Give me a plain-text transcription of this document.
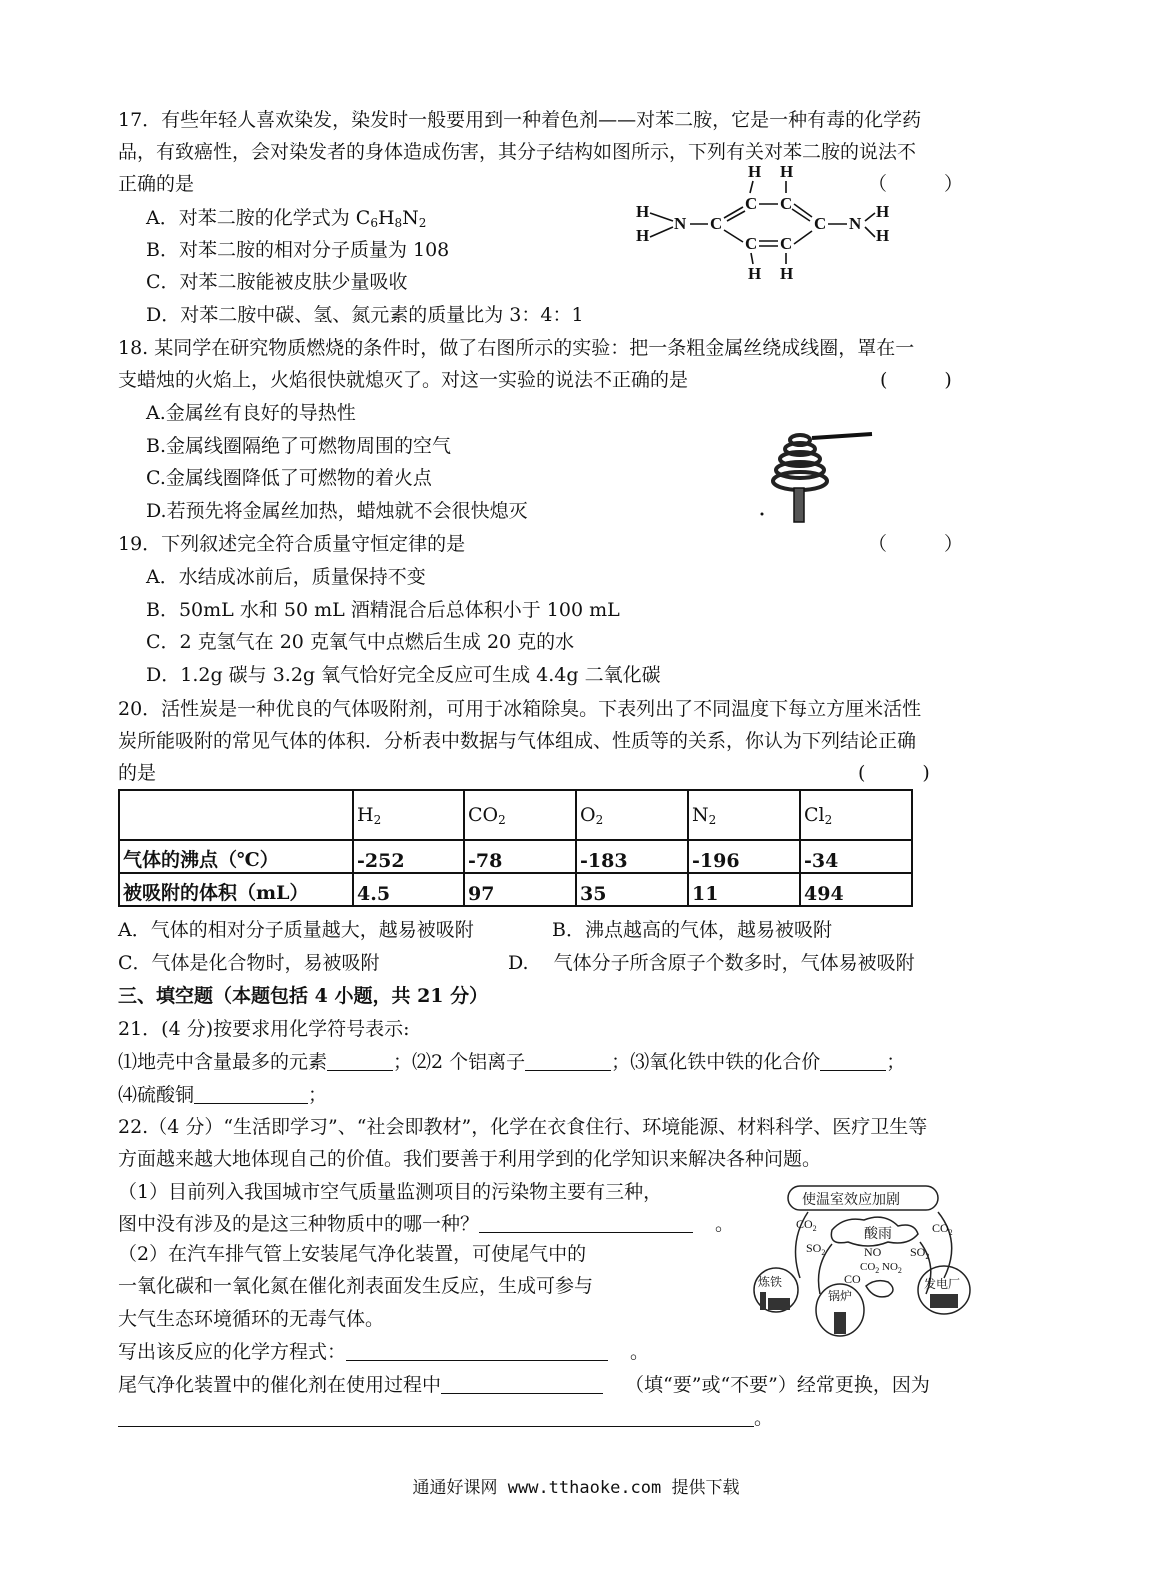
17．有些年轻人喜欢染发，染发时一般要用到一种着色剂——对苯二胺，它是一种有毒的化学药
品，有致癌性，会对染发者的身体造成伤害，其分子结构如图所示，下列有关对苯二胺的说法不
正确的是	（　　　）
A．对苯二胺的化学式为 $C_6H_8N_2$
B．对苯二胺的相对分子质量为 108
C．对苯二胺能被皮肤少量吸收
D．对苯二胺中碳、氢、氮元素的质量比为 3：4：1
H H
H
H
N C
C C
C
C C
N
H
H
H H
18. 某同学在研究物质燃烧的条件时，做了右图所示的实验：把一条粗金属丝绕成线圈，罩在一
支蜡烛的火焰上，火焰很快就熄灭了。对这一实验的说法不正确的是	(　　　)
A.金属丝有良好的导热性
B.金属线圈隔绝了可燃物周围的空气
C.金属线圈降低了可燃物的着火点
D.若预先将金属丝加热，蜡烛就不会很快熄灭
19．下列叙述完全符合质量守恒定律的是	（　　　）
A．水结成冰前后，质量保持不变
B．50mL 水和 50 mL 酒精混合后总体积小于 100 mL
C．2 克氢气在 20 克氧气中点燃后生成 20 克的水
D．1.2g 碳与 3.2g 氧气恰好完全反应可生成 4.4g 二氧化碳
20．活性炭是一种优良的气体吸附剂，可用于冰箱除臭。下表列出了不同温度下每立方厘米活性
炭所能吸附的常见气体的体积．分析表中数据与气体组成、性质等的关系，你认为下列结论正确
的是	(　　　)
	$H_2$	$CO_2$	$O_2$	$N_2$	$Cl_2$
气体的沸点（℃）	-252	-78	-183	-196	-34
被吸附的体积（mL）	4.5	97	35	11	494
A．气体的相对分子质量越大，越易被吸附	B．沸点越高的气体，越易被吸附
C．气体是化合物时，易被吸附	D.　 气体分子所含原子个数多时，气体易被吸附
三、填空题（本题包括 4 小题，共 21 分）
21．(4 分)按要求用化学符号表示:
⑴地壳中含量最多的元素	；⑵2 个铝离子	；⑶氧化铁中铁的化合价	；
⑷硫酸铜	；
22.（4 分）“生活即学习”、“社会即教材”，化学在衣食住行、环境能源、材料科学、医疗卫生等
方面越来越大地体现自己的价值。我们要善于利用学到的化学知识来解决各种问题。
（1）目前列入我国城市空气质量监测项目的污染物主要有三种，
图中没有涉及的是这三种物质中的哪一种？	。
（2）在汽车排气管上安装尾气净化装置，可使尾气中的
一氧化碳和一氧化氮在催化剂表面发生反应，生成可参与
大气生态环境循环的无毒气体。
写出该反应的化学方程式：	。
尾气净化装置中的催化剂在使用过程中	（填“要”或“不要”）经常更换，因为
。
使温室效应加剧
酸雨
$CO_2$	$CO_2$
$SO_2$	$SO_2$
NO
$CO_2$ $NO_2$
CO
炼铁
锅炉
发电厂
通通好课网 www.tthaoke.com 提供下载
